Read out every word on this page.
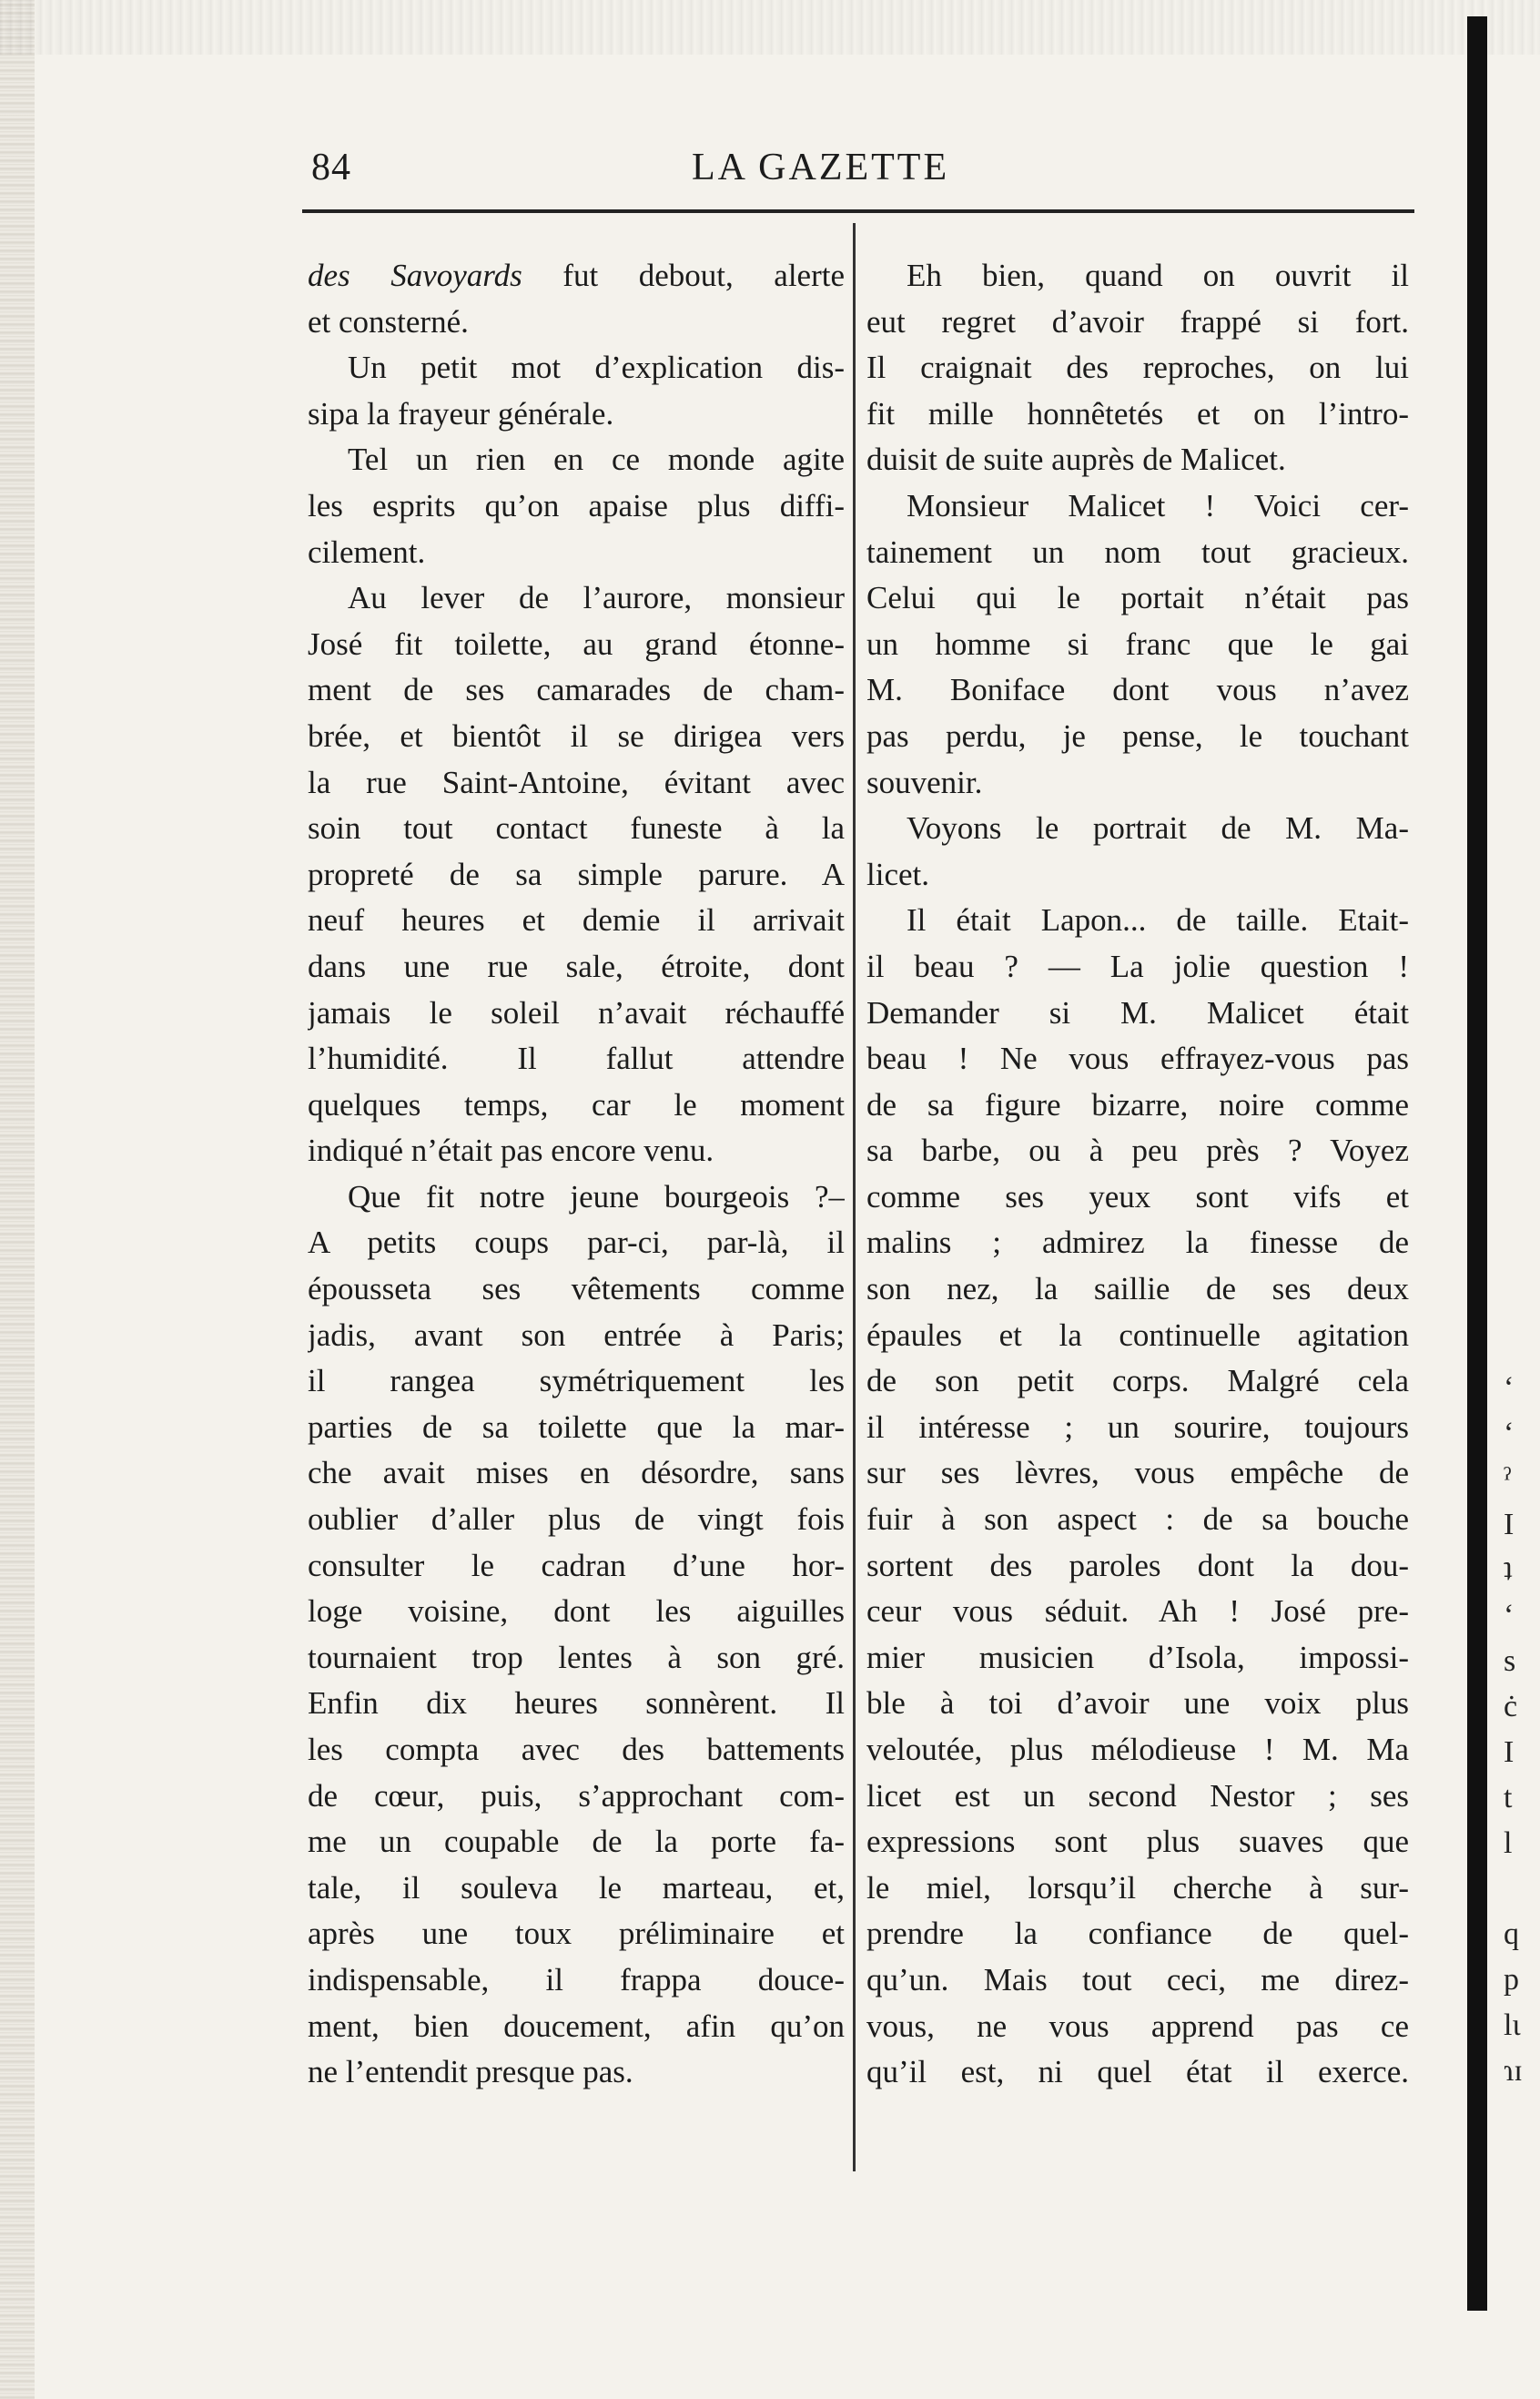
ʻ
ʻ
ˀ
I
ʇ
ʻ
s
ċ
I
t
l
q
p
lɩ
ɿɪ
84	LA GAZETTE
des Savoyards fut debout, alerte
et consterné.
Un petit mot d’explication dis-
sipa la frayeur générale.
Tel un rien en ce monde agite
les esprits qu’on apaise plus diffi-
cilement.
Au lever de l’aurore, monsieur
José fit toilette, au grand étonne-
ment de ses camarades de cham-
brée, et bientôt il se dirigea vers
la rue Saint-Antoine, évitant avec
soin tout contact funeste à la
propreté de sa simple parure. A
neuf heures et demie il arrivait
dans une rue sale, étroite, dont
jamais le soleil n’avait réchauffé
l’humidité. Il fallut attendre
quelques temps, car le moment
indiqué n’était pas encore venu.
Que fit notre jeune bourgeois ?–
A petits coups par-ci, par-là, il
épousseta ses vêtements comme
jadis, avant son entrée à Paris;
il rangea symétriquement les
parties de sa toilette que la mar-
che avait mises en désordre, sans
oublier d’aller plus de vingt fois
consulter le cadran d’une hor-
loge voisine, dont les aiguilles
tournaient trop lentes à son gré.
Enfin dix heures sonnèrent. Il
les compta avec des battements
de cœur, puis, s’approchant com-
me un coupable de la porte fa-
tale, il souleva le marteau, et,
après une toux préliminaire et
indispensable, il frappa douce-
ment, bien doucement, afin qu’on
ne l’entendit presque pas.
Eh bien, quand on ouvrit il
eut regret d’avoir frappé si fort.
Il craignait des reproches, on lui
fit mille honnêtetés et on l’intro-
duisit de suite auprès de Malicet.
Monsieur Malicet ! Voici cer-
tainement un nom tout gracieux.
Celui qui le portait n’était pas
un homme si franc que le gai
M. Boniface dont vous n’avez
pas perdu, je pense, le touchant
souvenir.
Voyons le portrait de M. Ma-
licet.
Il était Lapon... de taille. Etait-
il beau ? — La jolie question !
Demander si M. Malicet était
beau ! Ne vous effrayez-vous pas
de sa figure bizarre, noire comme
sa barbe, ou à peu près ? Voyez
comme ses yeux sont vifs et
malins ; admirez la finesse de
son nez, la saillie de ses deux
épaules et la continuelle agitation
de son petit corps. Malgré cela
il intéresse ; un sourire, toujours
sur ses lèvres, vous empêche de
fuir à son aspect : de sa bouche
sortent des paroles dont la dou-
ceur vous séduit. Ah ! José pre-
mier musicien d’Isola, impossi-
ble à toi d’avoir une voix plus
veloutée, plus mélodieuse ! M. Ma
licet est un second Nestor ; ses
expressions sont plus suaves que
le miel, lorsqu’il cherche à sur-
prendre la confiance de quel-
qu’un. Mais tout ceci, me direz-
vous, ne vous apprend pas ce
qu’il est, ni quel état il exerce.
